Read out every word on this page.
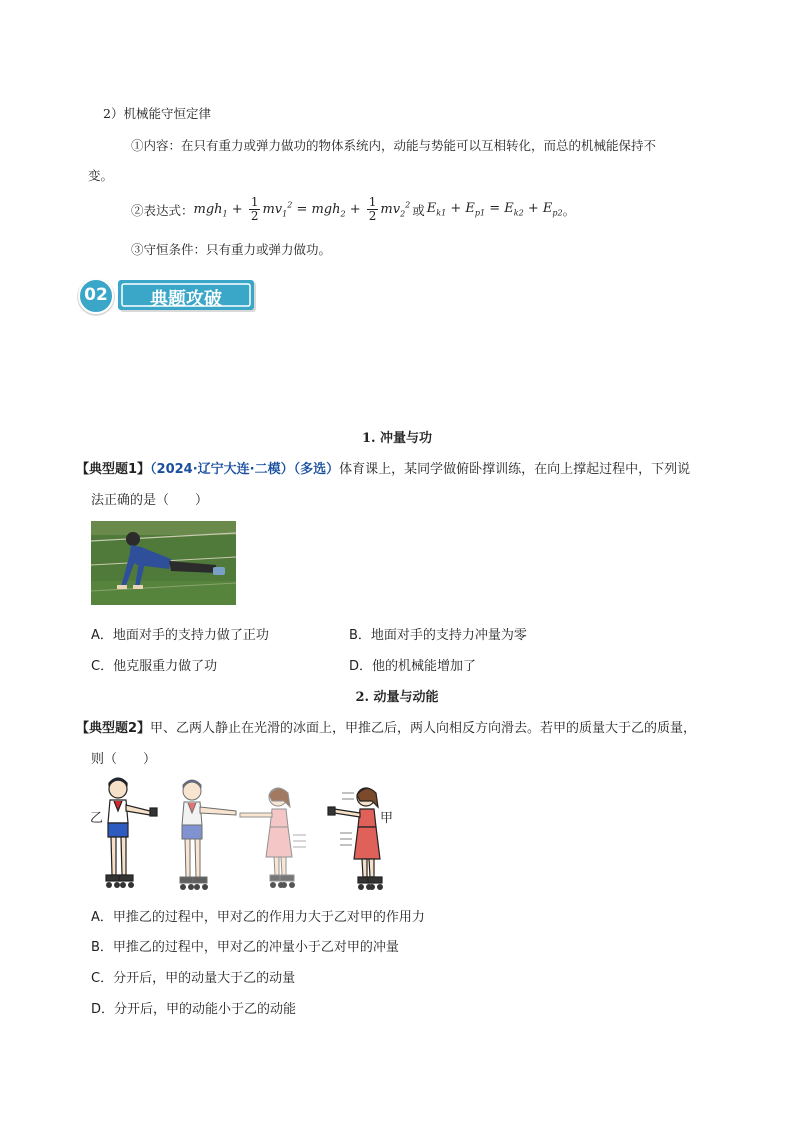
2）机械能守恒定律
①内容：在只有重力或弹力做功的物体系统内，动能与势能可以互相转化，而总的机械能保持不
变。
②表达式： $mgh_1 + \frac{1}{2} mv_1^2 = mgh_2 + \frac{1}{2} mv_2^2$ 或 $E_{k1} + E_{p1} = E_{k2} + E_{p2}$ 。
③守恒条件：只有重力或弹力做功。
02	典题攻破
1. 冲量与功
【典型题1】（2024·辽宁大连·二模）（多选）体育课上，某同学做俯卧撑训练，在向上撑起过程中，下列说
法正确的是（　　）
A．地面对手的支持力做了正功	B．地面对手的支持力冲量为零
C．他克服重力做了功	D．他的机械能增加了
2. 动量与动能
【典型题2】甲、乙两人静止在光滑的冰面上，甲推乙后，两人向相反方向滑去。若甲的质量大于乙的质量，
则（　　）
乙	甲
A．甲推乙的过程中，甲对乙的作用力大于乙对甲的作用力
B．甲推乙的过程中，甲对乙的冲量小于乙对甲的冲量
C．分开后，甲的动量大于乙的动量
D．分开后，甲的动能小于乙的动能
